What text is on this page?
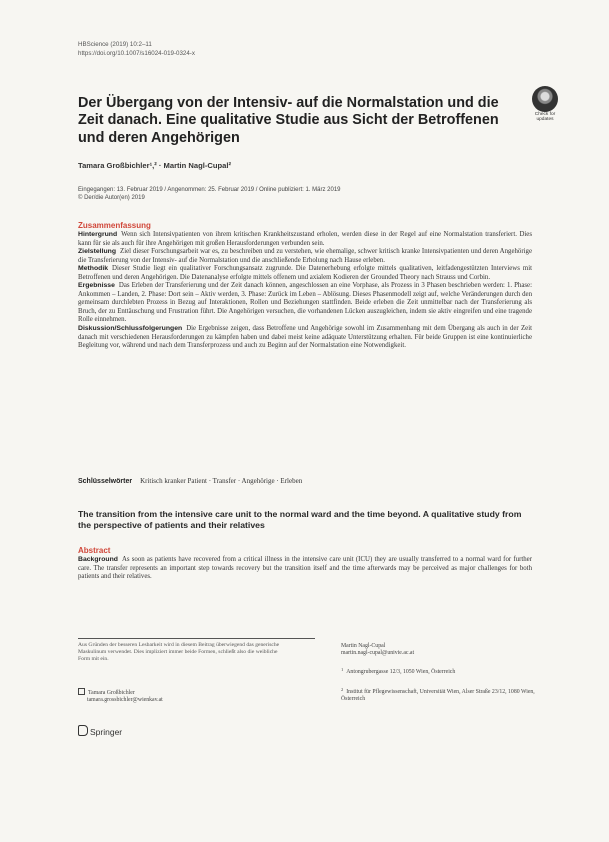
HBScience (2019) 10:2–11
https://doi.org/10.1007/s16024-019-0324-x
Check for updates
Der Übergang von der Intensiv- auf die Normalstation und die Zeit danach. Eine qualitative Studie aus Sicht der Betroffenen und deren Angehörigen
Tamara Großbichler¹,² · Martin Nagl-Cupal²
Eingegangen: 13. Februar 2019 / Angenommen: 25. Februar 2019 / Online publiziert: 1. März 2019
© Der/die Autor(en) 2019
Zusammenfassung

Hintergrund Wenn sich Intensivpatienten von ihrem kritischen Krankheitszustand erholen, werden diese in der Regel auf eine Normalstation transferiert. Dies kann für sie als auch für ihre Angehörigen mit großen Herausforderungen verbunden sein.

Zielstellung Ziel dieser Forschungsarbeit war es, zu beschreiben und zu verstehen, wie ehemalige, schwer kritisch kranke Intensivpatienten und deren Angehörige die Transferierung von der Intensiv- auf die Normalstation und die anschließende Erholung nach Hause erleben.

Methodik Dieser Studie liegt ein qualitativer Forschungsansatz zugrunde. Die Datenerhebung erfolgte mittels qualitativen, leitfadengestützten Interviews mit Betroffenen und deren Angehörigen. Die Datenanalyse erfolgte mittels offenem und axialem Kodieren der Grounded Theory nach Strauss und Corbin.

Ergebnisse Das Erleben der Transferierung und der Zeit danach können, angeschlossen an eine Vorphase, als Prozess in 3 Phasen beschrieben werden: 1. Phase: Ankommen – Landen, 2. Phase: Dort sein – Aktiv werden, 3. Phase: Zurück im Leben – Ablösung. Dieses Phasenmodell zeigt auf, welche Veränderungen durch den gemeinsam durchlebten Prozess in Bezug auf Interaktionen, Rollen und Beziehungen stattfinden. Beide erleben die Zeit unmittelbar nach der Transferierung als Bruch, der zu Enttäuschung und Frustration führt. Die Angehörigen versuchen, die vorhandenen Lücken auszugleichen, indem sie aktiv eingreifen und eine tragende Rolle einnehmen.

Diskussion/Schlussfolgerungen Die Ergebnisse zeigen, dass Betroffene und Angehörige sowohl im Zusammenhang mit dem Übergang als auch in der Zeit danach mit verschiedenen Herausforderungen zu kämpfen haben und dabei meist keine adäquate Unterstützung erhalten. Für beide Gruppen ist eine kontinuierliche Begleitung vor, während und nach dem Transferprozess und auch zu Beginn auf der Normalstation eine Notwendigkeit.

Schlüsselwörter Kritisch kranker Patient · Transfer · Angehörige · Erleben
The transition from the intensive care unit to the normal ward and the time beyond. A qualitative study from the perspective of patients and their relatives
Abstract

Background As soon as patients have recovered from a critical illness in the intensive care unit (ICU) they are usually transferred to a normal ward for further care. The transfer represents an important step towards recovery but the transition itself and the time afterwards may be perceived as major challenges for both patients and their relatives.

Aus Gründen der besseren Lesbarkeit wird in diesem Beitrag überwiegend das generische Maskulinum verwendet. Dies impliziert immer beide Formen, schließt also die weibliche Form mit ein.
Tamara Großbichler
tamara.grossbichler@wienkav.at
Martin Nagl-Cupal
martin.nagl-cupal@univie.ac.at
$^1$ Antongrubergasse 12/3, 1050 Wien, Österreich
$^2$ Institut für Pflegewissenschaft, Universität Wien, Alser Straße 23/12, 1080 Wien, Österreich
Springer
